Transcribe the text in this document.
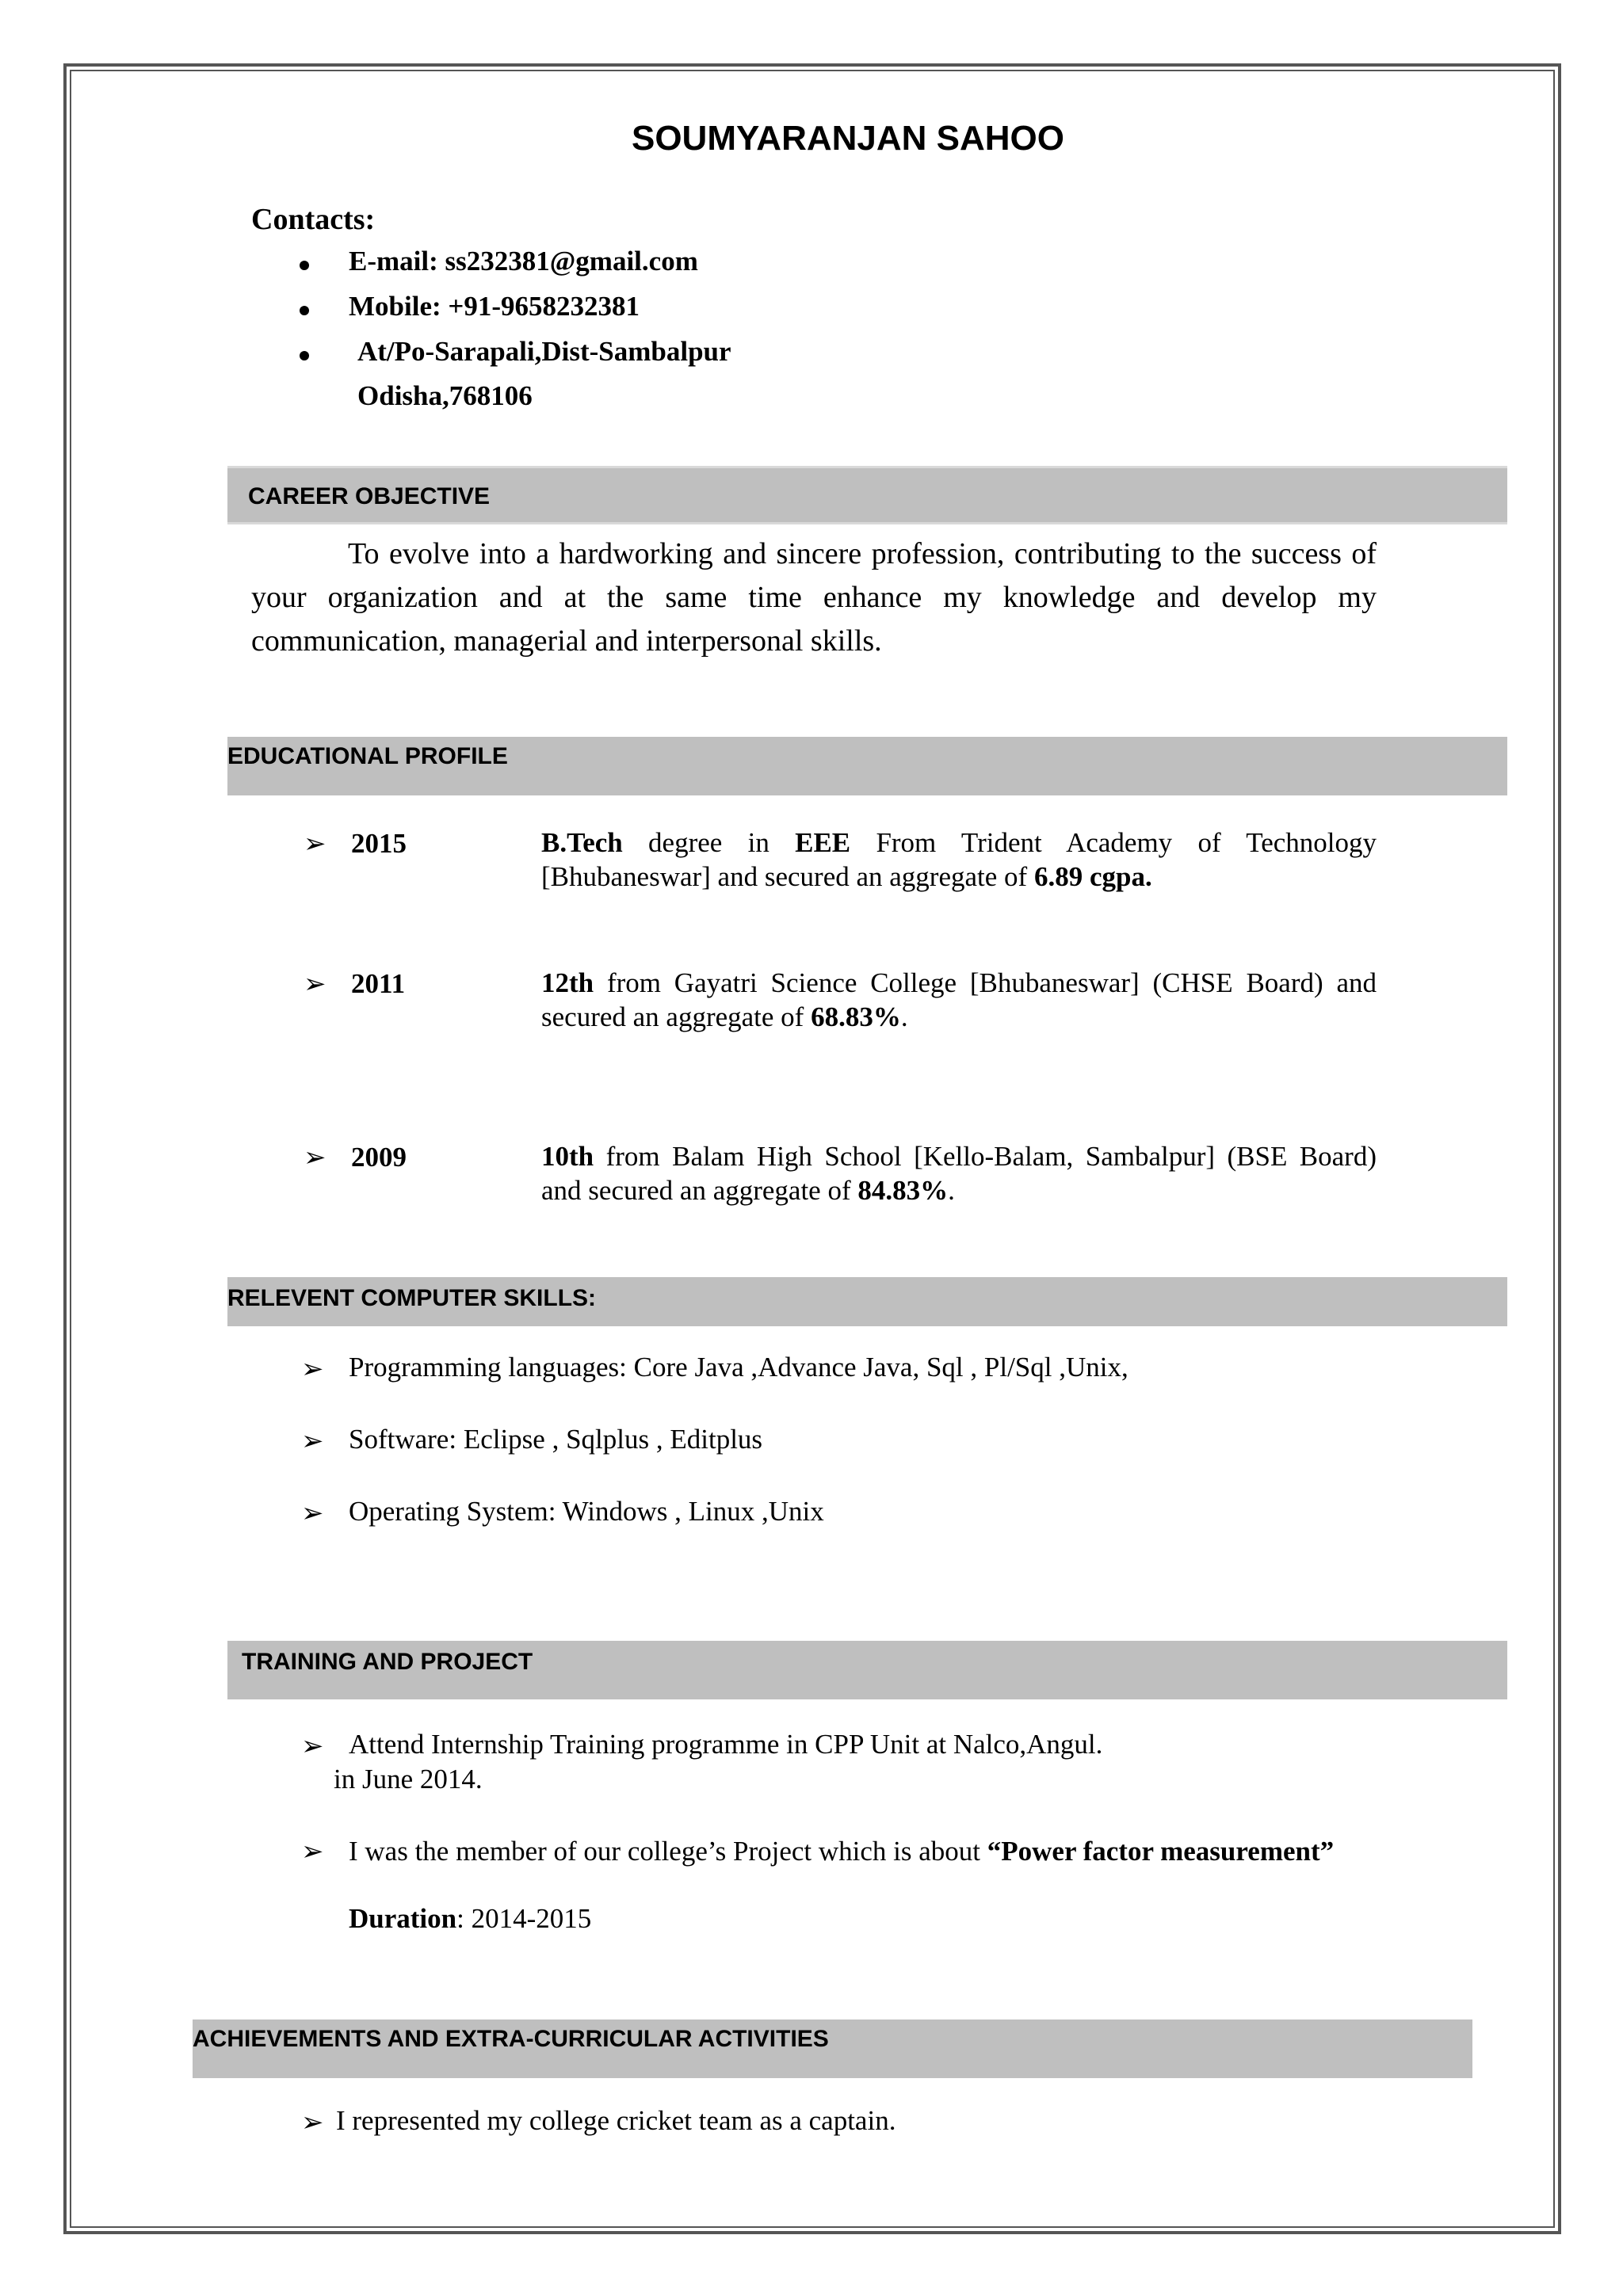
SOUMYARANJAN SAHOO
Contacts:
E-mail: ss232381@gmail.com
Mobile: +91-9658232381
At/Po-Sarapali,Dist-Sambalpur
Odisha,768106
CAREER OBJECTIVE
To evolve into a hardworking and sincere profession, contributing to the success of your organization and at the same time enhance my knowledge and develop my communication, managerial and interpersonal skills.
EDUCATIONAL PROFILE
➢ 2015	B.Tech degree in EEE From Trident Academy of Technology [Bhubaneswar] and secured an aggregate of 6.89 cgpa.
➢ 2011	12th from Gayatri Science College [Bhubaneswar] (CHSE Board) and secured an aggregate of 68.83%.
➢ 2009	10th from Balam High School [Kello-Balam, Sambalpur] (BSE Board) and secured an aggregate of 84.83%.
RELEVENT COMPUTER SKILLS:
➢ Programming languages: Core Java ,Advance Java, Sql , Pl/Sql ,Unix,
➢ Software: Eclipse , Sqlplus , Editplus
➢ Operating System: Windows , Linux ,Unix
TRAINING AND PROJECT
➢ Attend Internship Training programme in CPP Unit at Nalco,Angul.
in June 2014.
➢ I was the member of our college’s Project which is about “Power factor measurement”
Duration: 2014-2015
ACHIEVEMENTS AND EXTRA-CURRICULAR ACTIVITIES
➢ I represented my college cricket team as a captain.
